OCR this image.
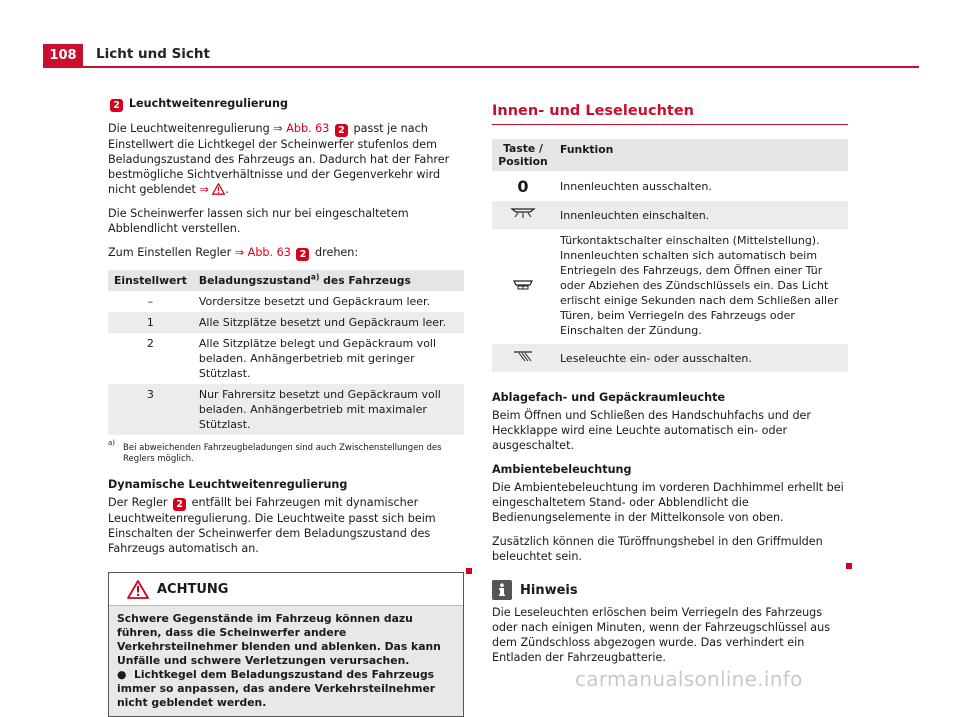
108	Licht und Sicht

2 Leuchtweitenregulierung

Die Leuchtweitenregulierung ⇒ Abb. 63 2 passt je nach Einstellwert die Lichtkegel der Scheinwerfer stufenlos dem Beladungszustand des Fahrzeugs an. Dadurch hat der Fahrer bestmögliche Sichtverhältnisse und der Gegenverkehr wird nicht geblendet ⇒ .

Die Scheinwerfer lassen sich nur bei eingeschaltetem Abblendlicht verstellen.

Zum Einstellen Regler ⇒ Abb. 63 2 drehen:

Einstellwert	Beladungszustand$^{a)}$ des Fahrzeugs
–	Vordersitze besetzt und Gepäckraum leer.
1	Alle Sitzplätze besetzt und Gepäckraum leer.
2	Alle Sitzplätze belegt und Gepäckraum voll beladen. Anhängerbetrieb mit geringer Stützlast.
3	Nur Fahrersitz besetzt und Gepäckraum voll beladen. Anhängerbetrieb mit maximaler Stützlast.
a) Bei abweichenden Fahrzeugbeladungen sind auch Zwischenstellungen des Reglers möglich.

Dynamische Leuchtweitenregulierung

Der Regler 2 entfällt bei Fahrzeugen mit dynamischer Leuchtweitenregulierung. Die Leuchtweite passt sich beim Einschalten der Scheinwerfer dem Beladungszustand des Fahrzeugs automatisch an.

ACHTUNG

Schwere Gegenstände im Fahrzeug können dazu führen, dass die Scheinwerfer andere Verkehrsteilnehmer blenden und ablenken. Das kann Unfälle und schwere Verletzungen verursachen.

● Lichtkegel dem Beladungszustand des Fahrzeugs immer so anpassen, das andere Verkehrsteilnehmer nicht geblendet werden.

Innen- und Leseleuchten
Taste / Position	Funktion
0	Innenleuchten ausschalten.
	Innenleuchten einschalten.
	Türkontaktschalter einschalten (Mittelstellung). Innenleuchten schalten sich automatisch beim Entriegeln des Fahrzeugs, dem Öffnen einer Tür oder Abziehen des Zündschlüssels ein. Das Licht erlischt einige Sekunden nach dem Schließen aller Türen, beim Verriegeln des Fahrzeugs oder Einschalten der Zündung.
	Leseleuchte ein- oder ausschalten.

Ablagefach- und Gepäckraumleuchte

Beim Öffnen und Schließen des Handschuhfachs und der Heckklappe wird eine Leuchte automatisch ein- oder ausgeschaltet.

Ambientebeleuchtung

Die Ambientebeleuchtung im vorderen Dachhimmel erhellt bei eingeschaltetem Stand- oder Abblendlicht die Bedienungselemente in der Mittelkonsole von oben.

Zusätzlich können die Türöffnungshebel in den Griffmulden beleuchtet sein.

Hinweis

Die Leseleuchten erlöschen beim Verriegeln des Fahrzeugs oder nach einigen Minuten, wenn der Fahrzeugschlüssel aus dem Zündschloss abgezogen wurde. Das verhindert ein Entladen der Fahrzeugbatterie.

carmanualsonline.info
